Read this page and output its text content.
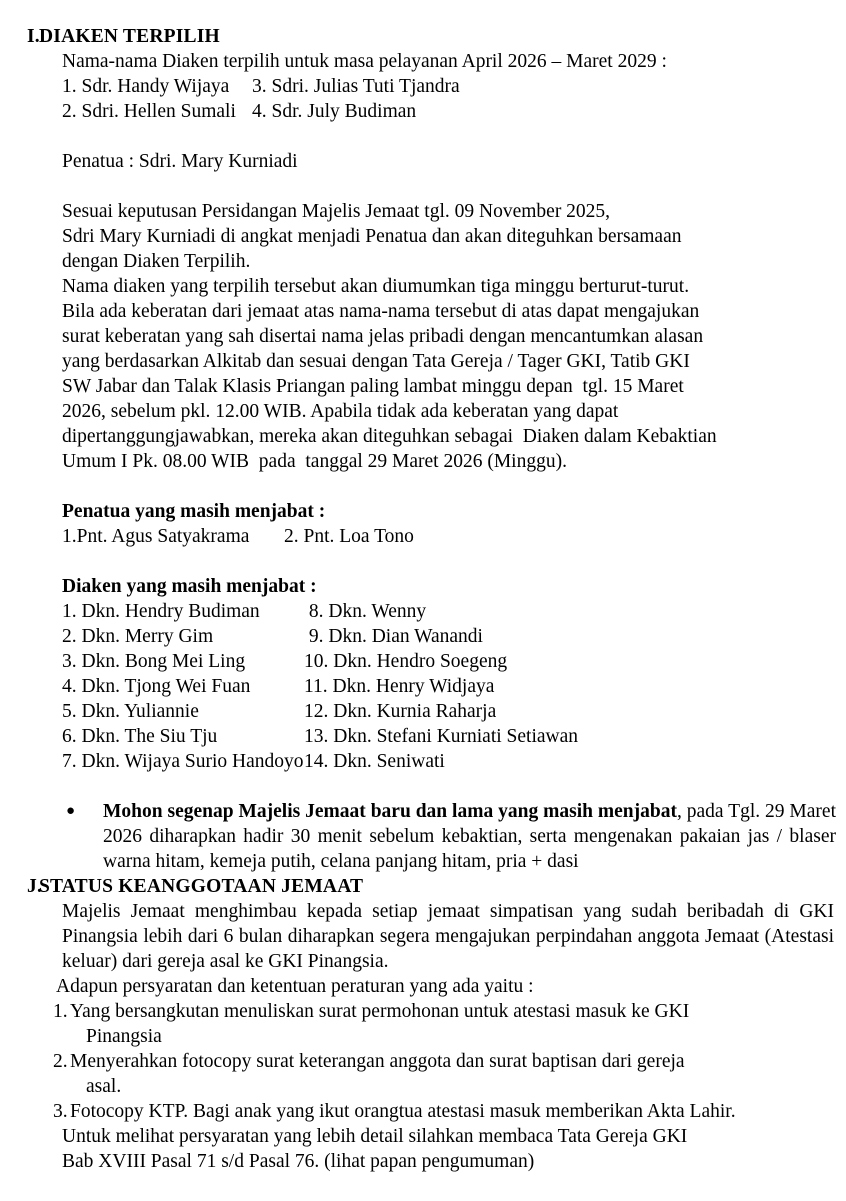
I. DIAKEN TERPILIH
Nama-nama Diaken terpilih untuk masa pelayanan April 2026 – Maret 2029 :
1. Sdr. Handy Wijaya	3. Sdri. Julias Tuti Tjandra
2. Sdri. Hellen Sumali 4. Sdr. July Budiman
Penatua : Sdri. Mary Kurniadi
Sesuai keputusan Persidangan Majelis Jemaat tgl. 09 November 2025,
Sdri Mary Kurniadi di angkat menjadi Penatua dan akan diteguhkan bersamaan
dengan Diaken Terpilih.
Nama diaken yang terpilih tersebut akan diumumkan tiga minggu berturut-turut.
Bila ada keberatan dari jemaat atas nama-nama tersebut di atas dapat mengajukan
surat keberatan yang sah disertai nama jelas pribadi dengan mencantumkan alasan
yang berdasarkan Alkitab dan sesuai dengan Tata Gereja / Tager GKI, Tatib GKI
SW Jabar dan Talak Klasis Priangan paling lambat minggu depan  tgl. 15 Maret
2026, sebelum pkl. 12.00 WIB. Apabila tidak ada keberatan yang dapat
dipertanggungjawabkan, mereka akan diteguhkan sebagai  Diaken dalam Kebaktian
Umum I Pk. 08.00 WIB  pada  tanggal 29 Maret 2026 (Minggu).
Penatua yang masih menjabat :
1.Pnt. Agus Satyakrama	2. Pnt. Loa Tono
Diaken yang masih menjabat :
1. Dkn. Hendry Budiman	8. Dkn. Wenny
2. Dkn. Merry Gim	9. Dkn. Dian Wanandi
3. Dkn. Bong Mei Ling	10. Dkn. Hendro Soegeng
4. Dkn. Tjong Wei Fuan	11. Dkn. Henry Widjaya
5. Dkn. Yuliannie	12. Dkn. Kurnia Raharja
6. Dkn. The Siu Tju	13. Dkn. Stefani Kurniati Setiawan
7. Dkn. Wijaya Surio Handoyo 14. Dkn. Seniwati
●	Mohon segenap Majelis Jemaat baru dan lama yang masih menjabat, pada Tgl. 29 Maret 2026 diharapkan hadir 30 menit sebelum kebaktian, serta mengenakan pakaian jas / blaser warna hitam, kemeja putih, celana panjang hitam, pria + dasi
J.
STATUS KEANGGOTAAN JEMAAT
Majelis Jemaat menghimbau kepada setiap jemaat simpatisan yang sudah beribadah di GKI Pinangsia lebih dari 6 bulan diharapkan segera mengajukan perpindahan anggota Jemaat (Atestasi keluar) dari gereja asal ke GKI Pinangsia.
Adapun persyaratan dan ketentuan peraturan yang ada yaitu :
1. Yang bersangkutan menuliskan surat permohonan untuk atestasi masuk ke GKI
Pinangsia
2. Menyerahkan fotocopy surat keterangan anggota dan surat baptisan dari gereja
asal.
3. Fotocopy KTP. Bagi anak yang ikut orangtua atestasi masuk memberikan Akta Lahir.
Untuk melihat persyaratan yang lebih detail silahkan membaca Tata Gereja GKI
Bab XVIII Pasal 71 s/d Pasal 76. (lihat papan pengumuman)
